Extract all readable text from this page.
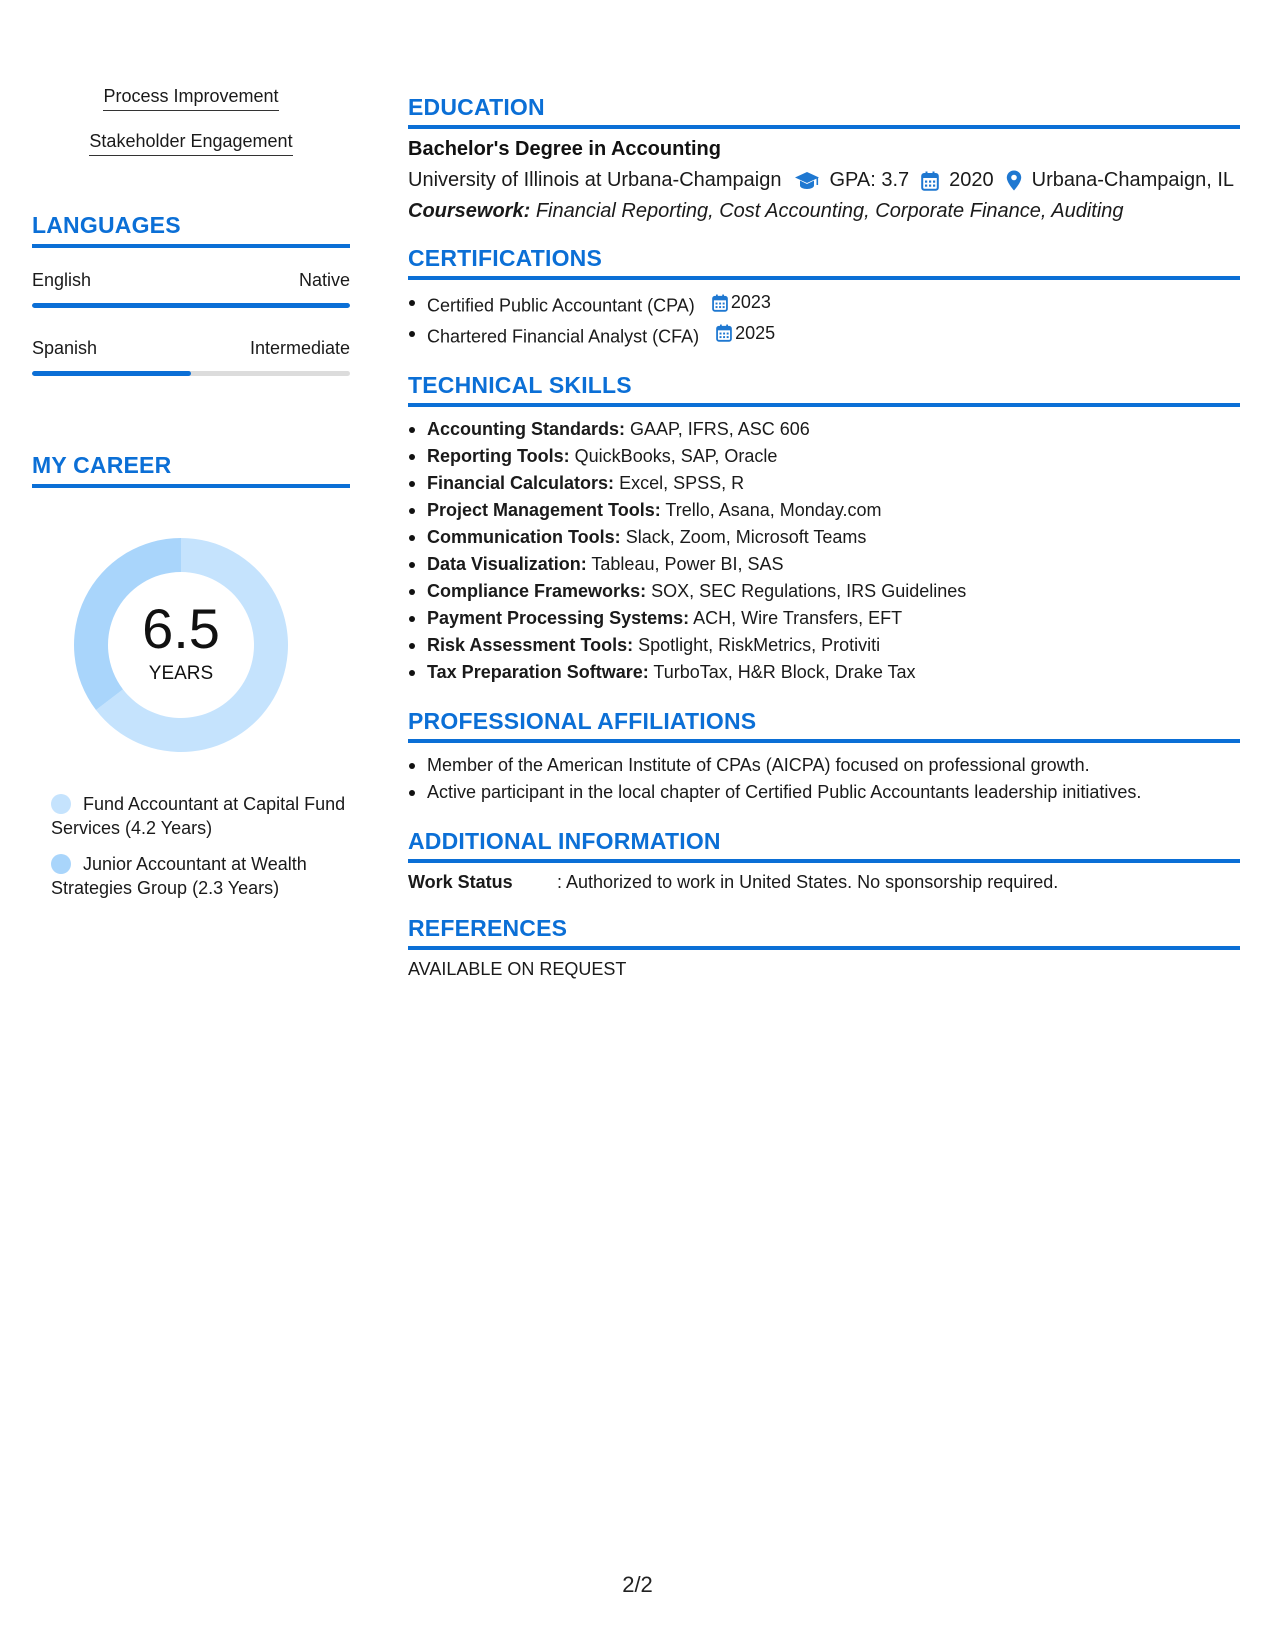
Process Improvement
Stakeholder Engagement
LANGUAGES
English	Native
Spanish	Intermediate
MY CAREER
6.5
YEARS
Fund Accountant at Capital Fund Services (4.2 Years)
Junior Accountant at Wealth Strategies Group (2.3 Years)
EDUCATION
Bachelor's Degree in Accounting
University of Illinois at Urbana-Champaign GPA: 3.7 2020 Urbana-Champaign, IL
Coursework: Financial Reporting, Cost Accounting, Corporate Finance, Auditing
CERTIFICATIONS
Certified Public Accountant (CPA) 2023
Chartered Financial Analyst (CFA) 2025
TECHNICAL SKILLS
Accounting Standards: GAAP, IFRS, ASC 606
Reporting Tools: QuickBooks, SAP, Oracle
Financial Calculators: Excel, SPSS, R
Project Management Tools: Trello, Asana, Monday.com
Communication Tools: Slack, Zoom, Microsoft Teams
Data Visualization: Tableau, Power BI, SAS
Compliance Frameworks: SOX, SEC Regulations, IRS Guidelines
Payment Processing Systems: ACH, Wire Transfers, EFT
Risk Assessment Tools: Spotlight, RiskMetrics, Protiviti
Tax Preparation Software: TurboTax, H&R Block, Drake Tax
PROFESSIONAL AFFILIATIONS
Member of the American Institute of CPAs (AICPA) focused on professional growth.
Active participant in the local chapter of Certified Public Accountants leadership initiatives.
ADDITIONAL INFORMATION
Work Status	: Authorized to work in United States. No sponsorship required.
REFERENCES
AVAILABLE ON REQUEST
2/2
